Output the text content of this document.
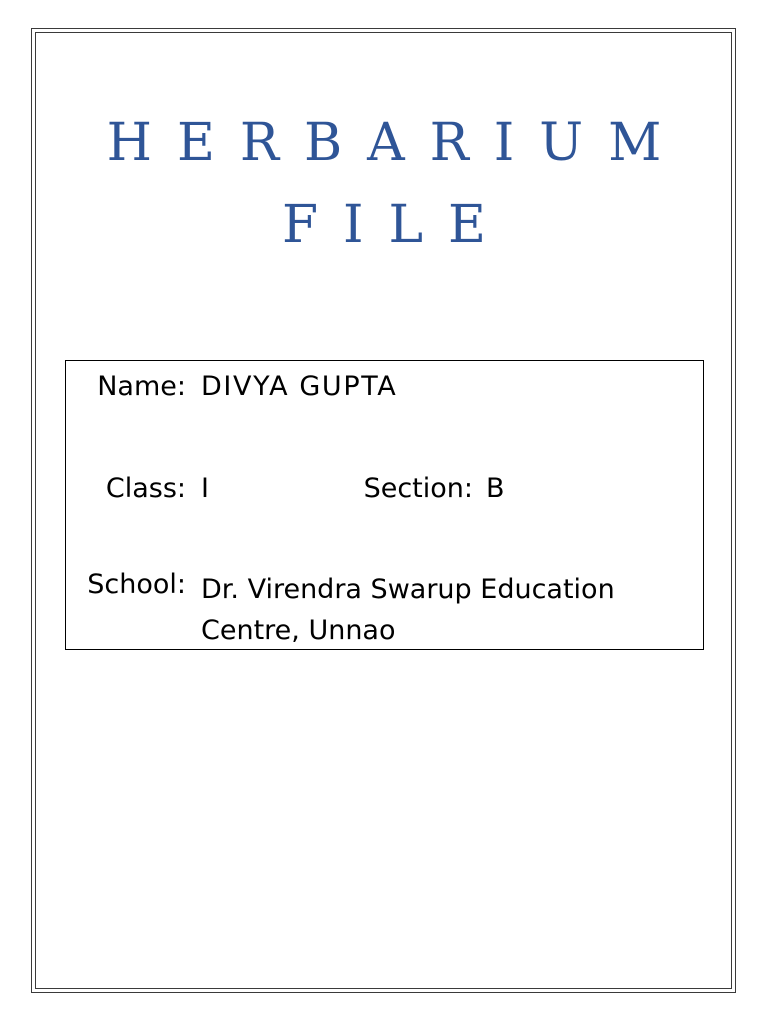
HERBARIUM
FILE
Name: DIVYA GUPTA
Class: I	Section: B
School: Dr. Virendra Swarup Education Centre, Unnao
